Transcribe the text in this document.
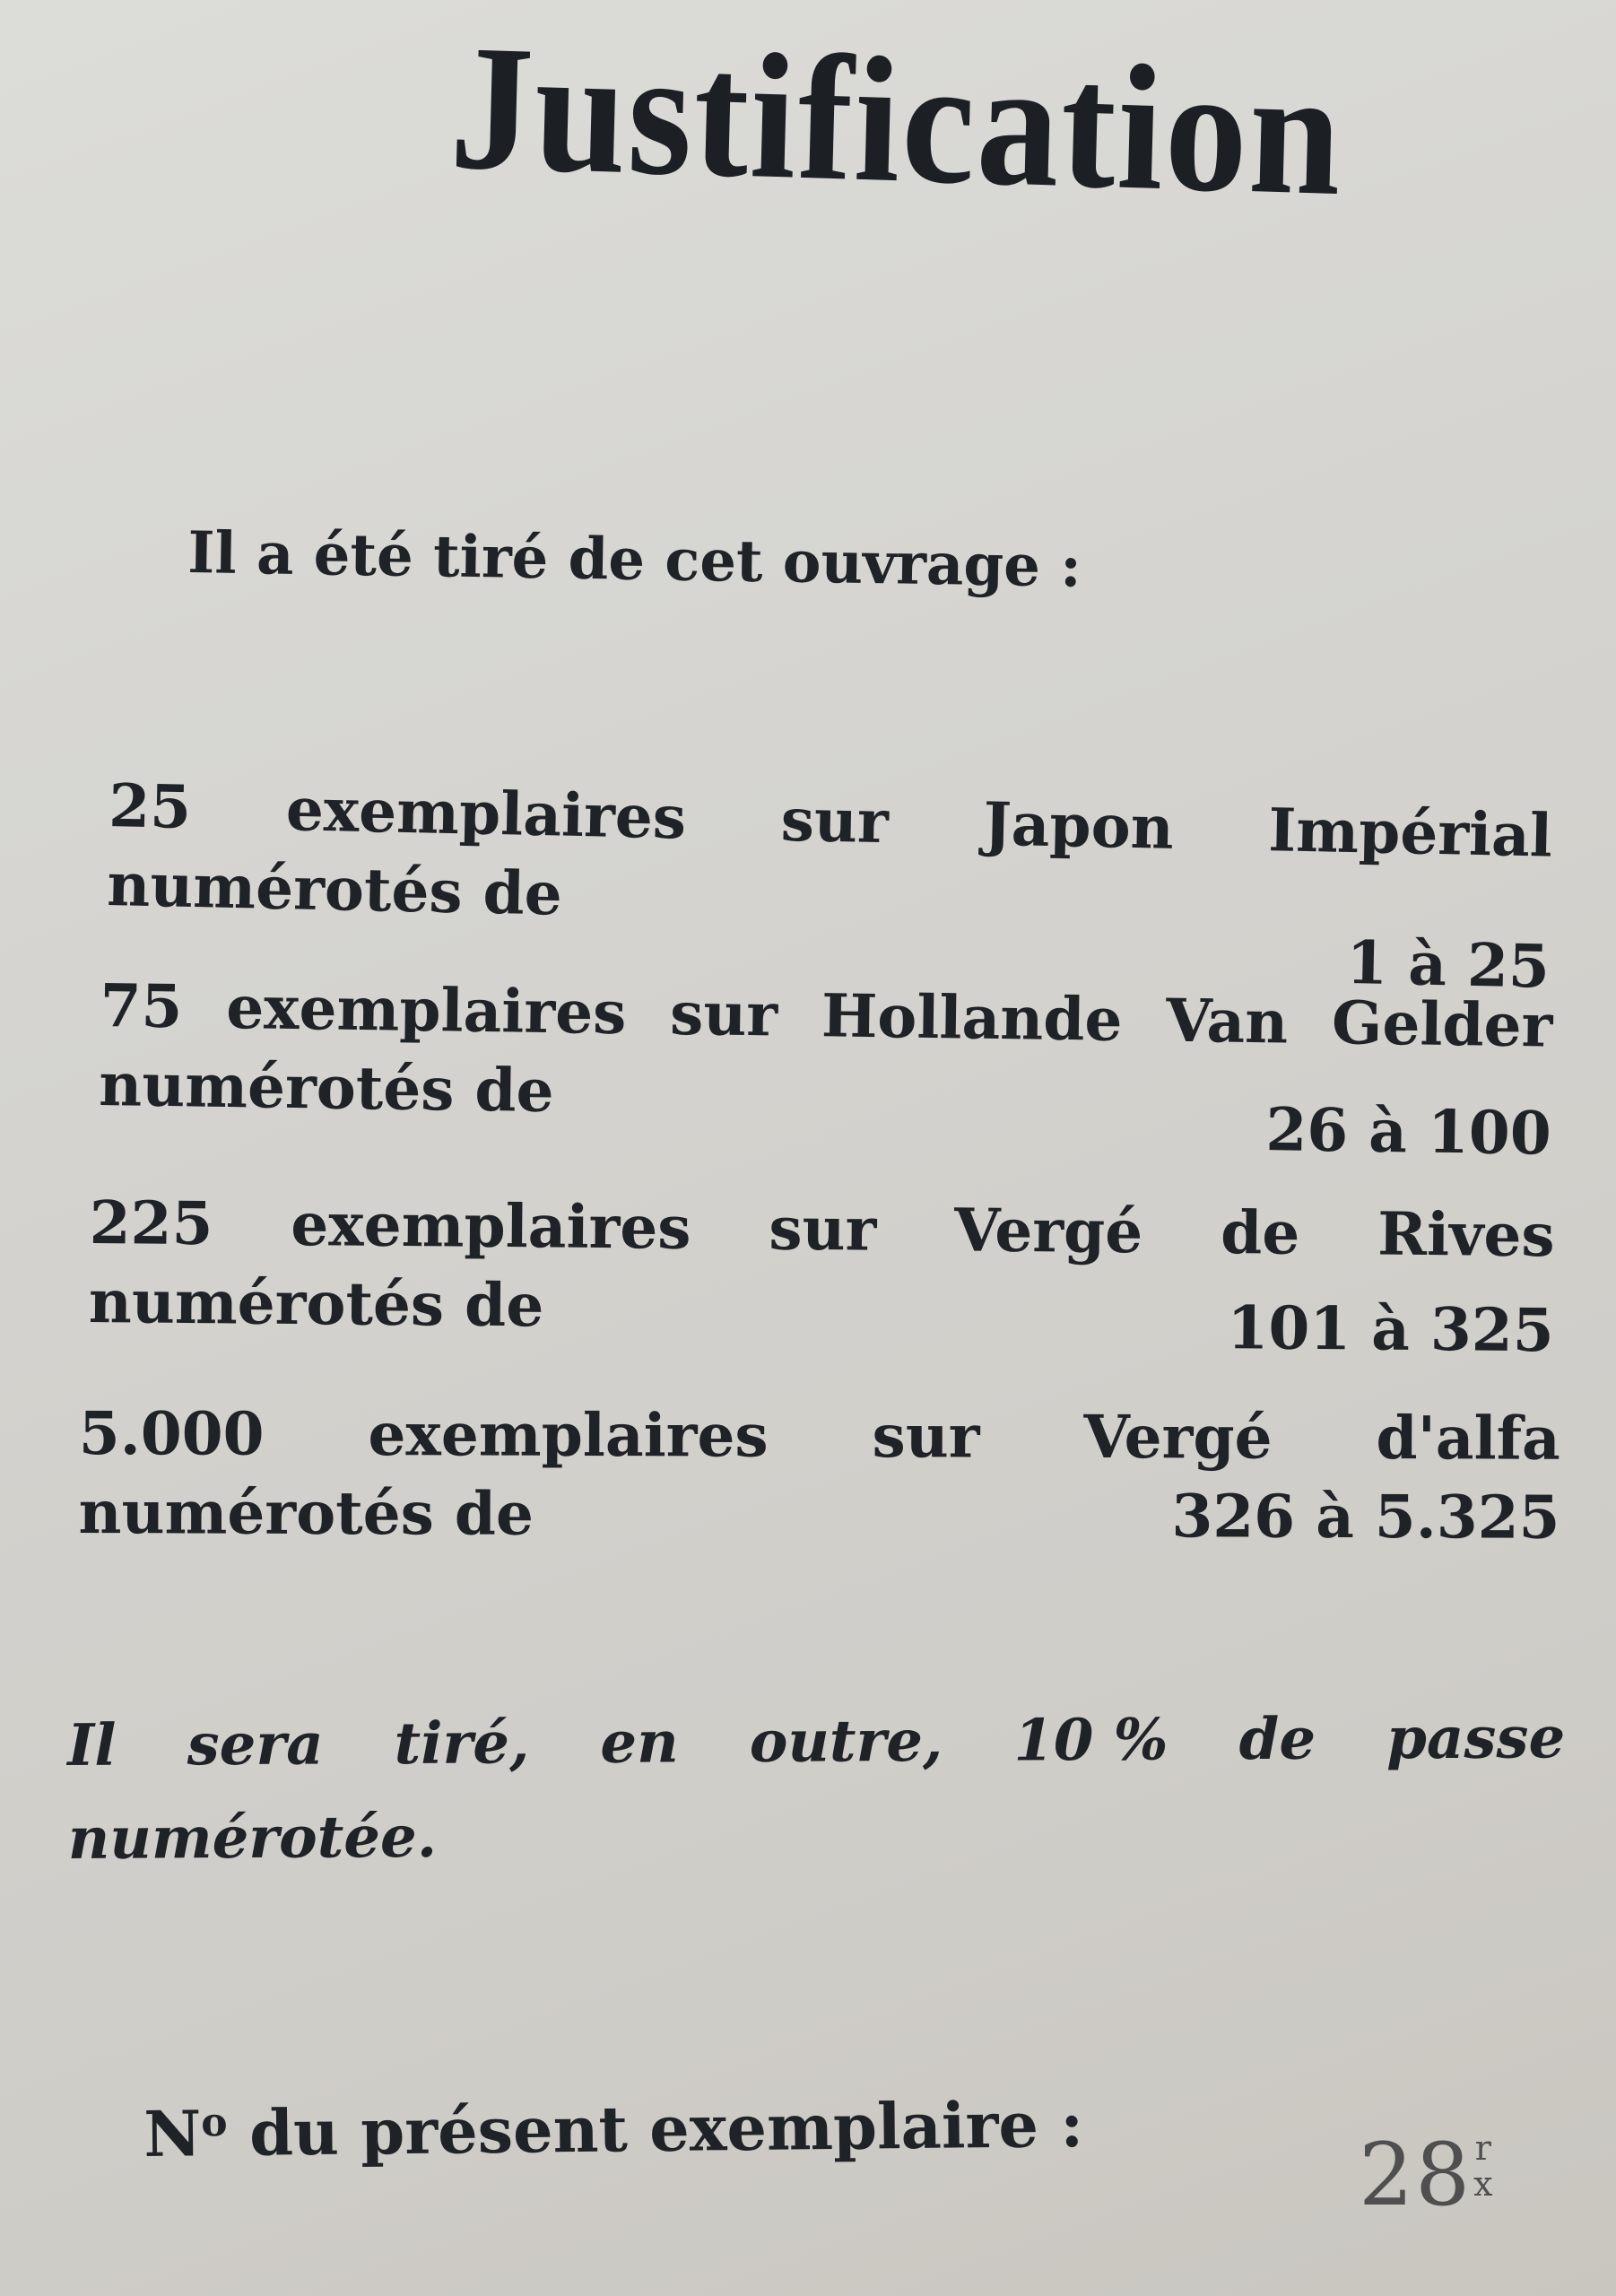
Justification
Il a été tiré de cet ouvrage :
25 exemplaires sur Japon Impérial
numérotés de
1 à 25
75 exemplaires sur Hollande Van Gelder
numérotés de
26 à 100
225 exemplaires sur Vergé de Rives
numérotés de	101 à 325
5.000 exemplaires sur Vergé d'alfa
numérotés de	326 à 5.325
Il sera tiré, en outre, 10 % de passe
numérotée.
$N^o$ du présent exemplaire :	28 r
x
